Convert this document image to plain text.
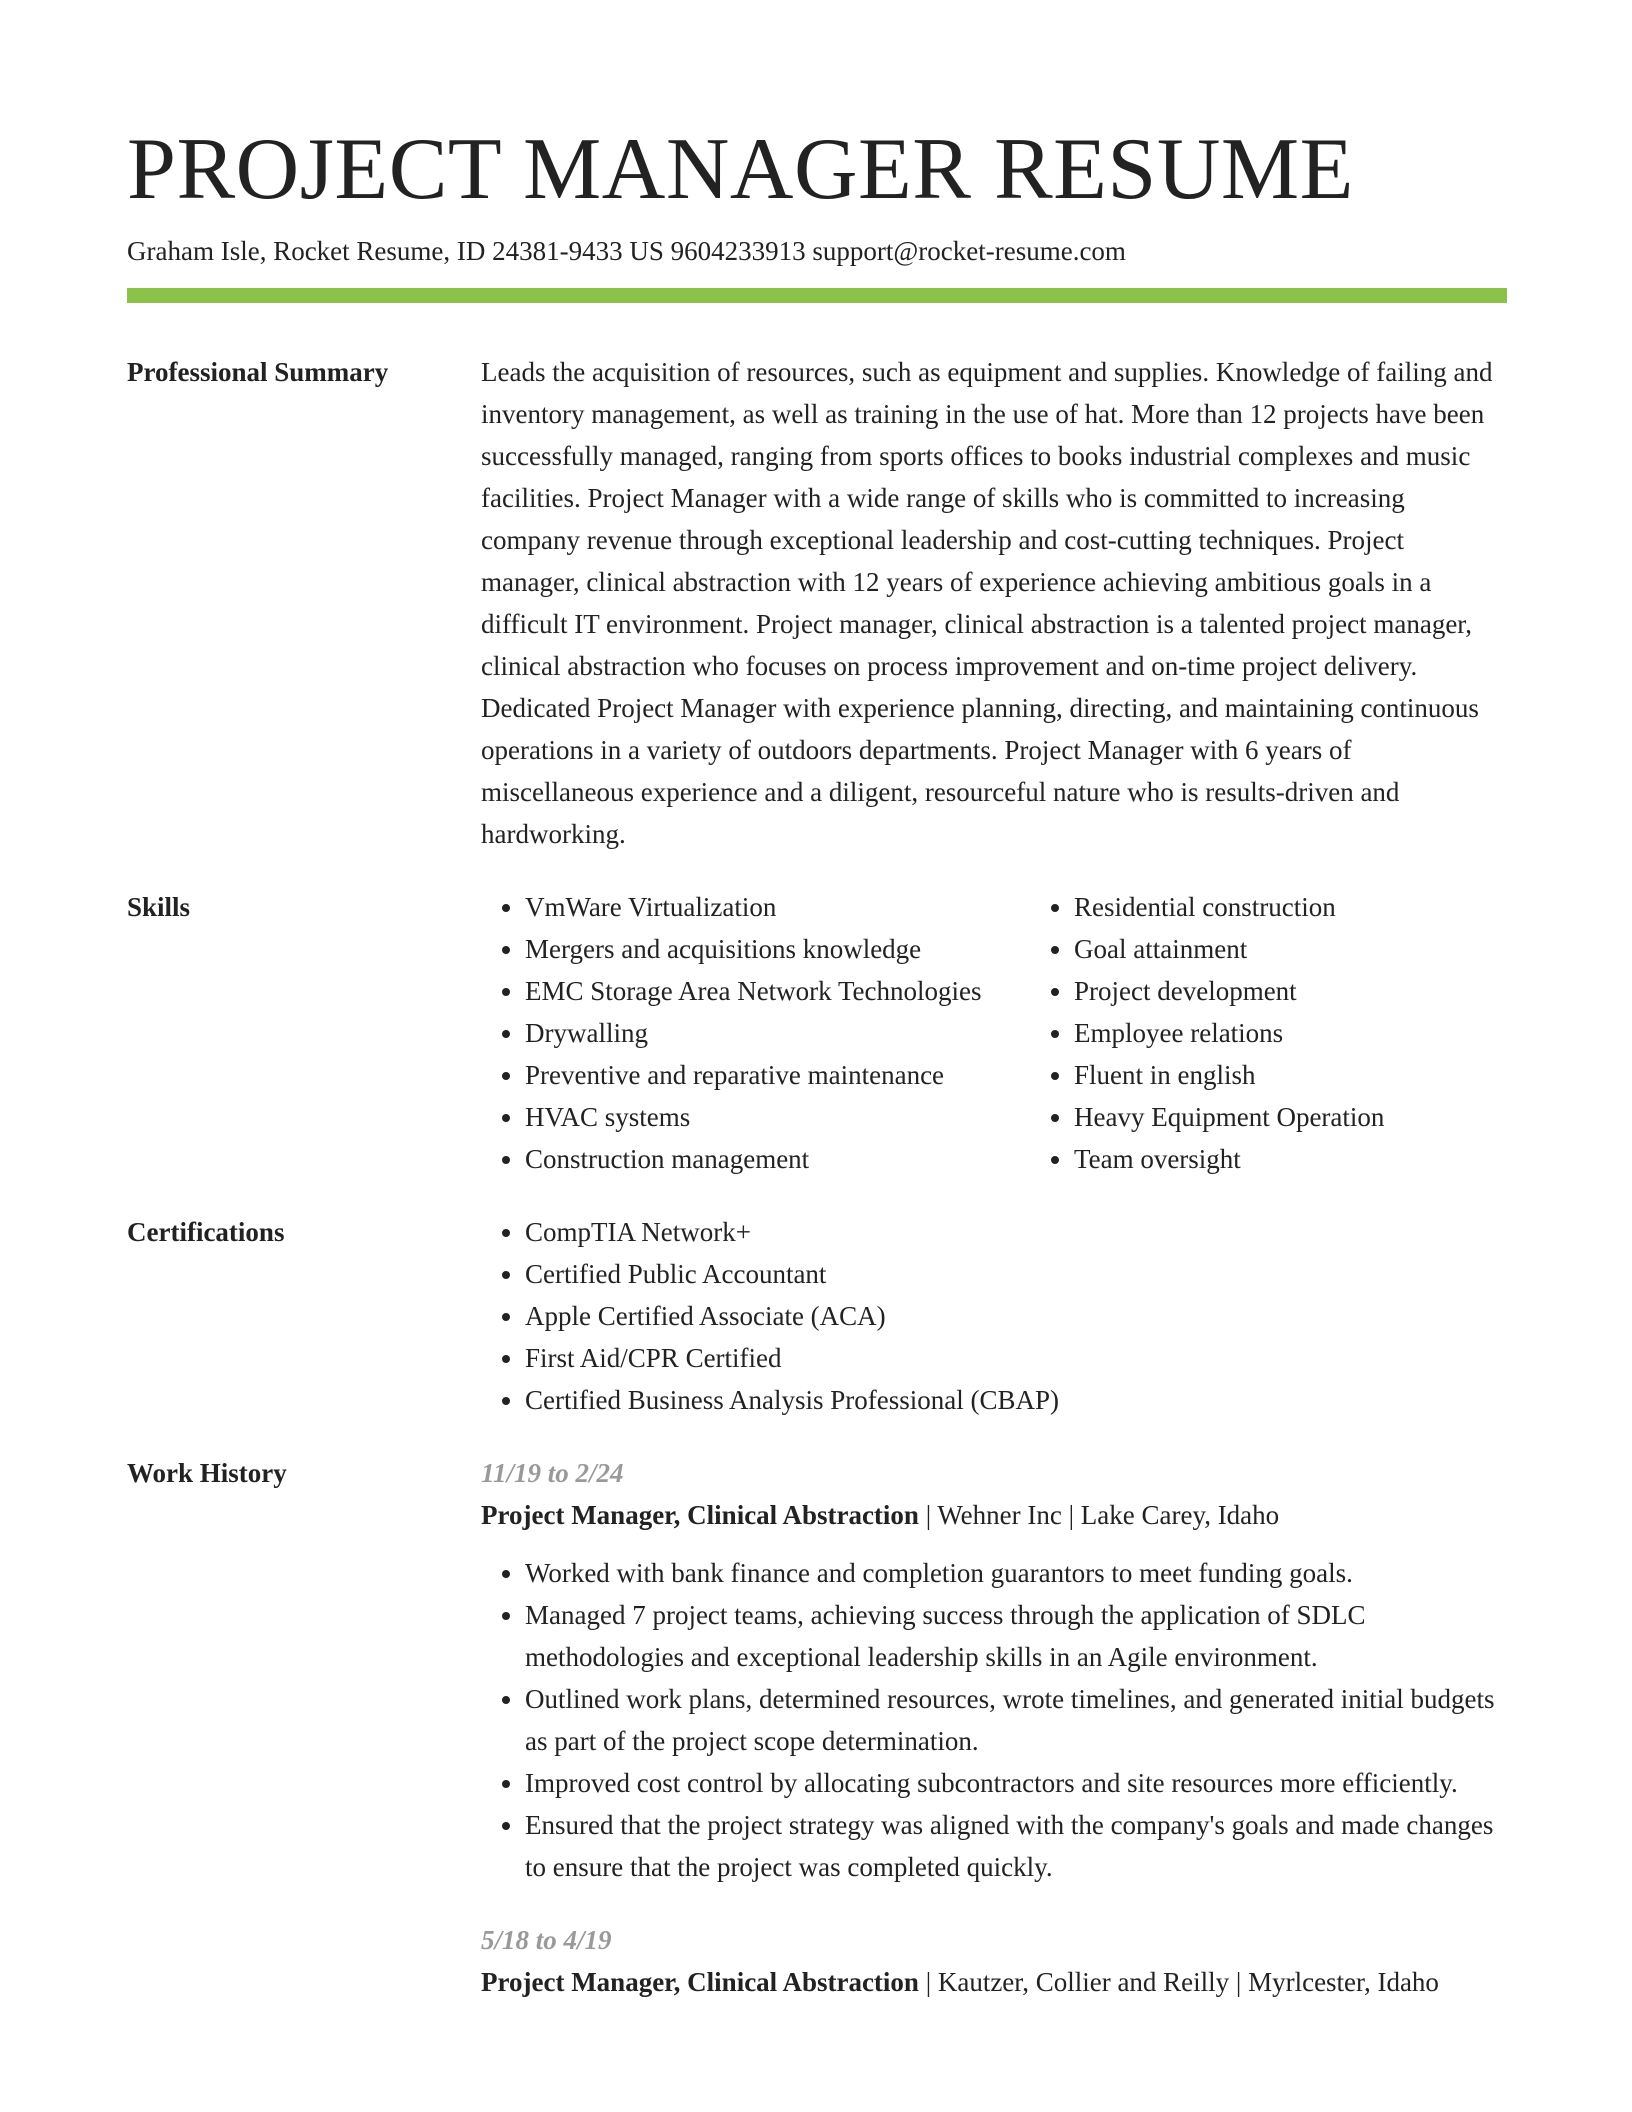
PROJECT MANAGER RESUME
Graham Isle, Rocket Resume, ID 24381-9433 US 9604233913 support@rocket-resume.com
Professional Summary	Leads the acquisition of resources, such as equipment and supplies. Knowledge of failing and inventory management, as well as training in the use of hat. More than 12 projects have been successfully managed, ranging from sports offices to books industrial complexes and music facilities. Project Manager with a wide range of skills who is committed to increasing company revenue through exceptional leadership and cost-cutting techniques. Project manager, clinical abstraction with 12 years of experience achieving ambitious goals in a difficult IT environment. Project manager, clinical abstraction is a talented project manager, clinical abstraction who focuses on process improvement and on-time project delivery. Dedicated Project Manager with experience planning, directing, and maintaining continuous operations in a variety of outdoors departments. Project Manager with 6 years of miscellaneous experience and a diligent, resourceful nature who is results-driven and hardworking.

Skills	• VmWare Virtualization
• Mergers and acquisitions knowledge
• EMC Storage Area Network Technologies
• Drywalling
• Preventive and reparative maintenance
• HVAC systems
• Construction management
• Residential construction
• Goal attainment
• Project development
• Employee relations
• Fluent in english
• Heavy Equipment Operation
• Team oversight
Certifications	• CompTIA Network+
• Certified Public Accountant
• Apple Certified Associate (ACA)
• First Aid/CPR Certified
• Certified Business Analysis Professional (CBAP)
Work History	11/19 to 2/24
Project Manager, Clinical Abstraction | Wehner Inc | Lake Carey, Idaho
• Worked with bank finance and completion guarantors to meet funding goals.
• Managed 7 project teams, achieving success through the application of SDLC methodologies and exceptional leadership skills in an Agile environment.
• Outlined work plans, determined resources, wrote timelines, and generated initial budgets as part of the project scope determination.
• Improved cost control by allocating subcontractors and site resources more efficiently.
• Ensured that the project strategy was aligned with the company's goals and made changes to ensure that the project was completed quickly.
5/18 to 4/19
Project Manager, Clinical Abstraction | Kautzer, Collier and Reilly | Myrlcester, Idaho
